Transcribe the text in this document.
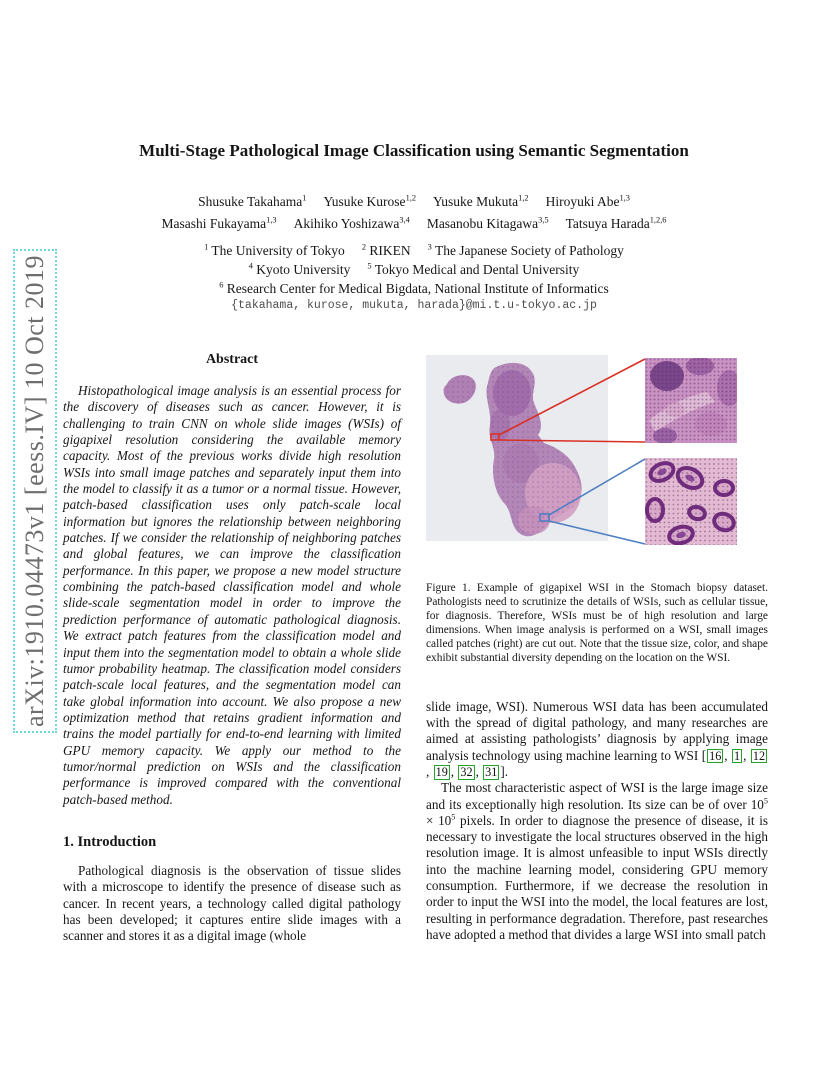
arXiv:1910.04473v1 [eess.IV] 10 Oct 2019
Multi-Stage Pathological Image Classification using Semantic Segmentation
Shusuke Takahama$^1$ Yusuke Kurose$^{1,2}$ Yusuke Mukuta$^{1,2}$ Hiroyuki Abe$^{1,3}$
Masashi Fukayama$^{1,3}$ Akihiko Yoshizawa$^{3,4}$ Masanobu Kitagawa$^{3,5}$ Tatsuya Harada$^{1,2,6}$
$^1$ The University of Tokyo $^2$ RIKEN $^3$ The Japanese Society of Pathology
$^4$ Kyoto University $^5$ Tokyo Medical and Dental University
$^6$ Research Center for Medical Bigdata, National Institute of Informatics
{takahama, kurose, mukuta, harada}@mi.t.u-tokyo.ac.jp
Abstract

Histopathological image analysis is an essential process for the discovery of diseases such as cancer. However, it is challenging to train CNN on whole slide images (WSIs) of gigapixel resolution considering the available memory capacity. Most of the previous works divide high resolution WSIs into small image patches and separately input them into the model to classify it as a tumor or a normal tissue. However, patch-based classification uses only patch-scale local information but ignores the relationship between neighboring patches. If we consider the relationship of neighboring patches and global features, we can improve the classification performance. In this paper, we propose a new model structure combining the patch-based classification model and whole slide-scale segmentation model in order to improve the prediction performance of automatic pathological diagnosis. We extract patch features from the classification model and input them into the segmentation model to obtain a whole slide tumor probability heatmap. The classification model considers patch-scale local features, and the segmentation model can take global information into account. We also propose a new optimization method that retains gradient information and trains the model partially for end-to-end learning with limited GPU memory capacity. We apply our method to the tumor/normal prediction on WSIs and the classification performance is improved compared with the conventional patch-based method.

1. Introduction

Pathological diagnosis is the observation of tissue slides with a microscope to identify the presence of disease such as cancer. In recent years, a technology called digital pathology has been developed; it captures entire slide images with a scanner and stores it as a digital image (whole

Figure 1. Example of gigapixel WSI in the Stomach biopsy dataset. Pathologists need to scrutinize the details of WSIs, such as cellular tissue, for diagnosis. Therefore, WSIs must be of high resolution and large dimensions. When image analysis is performed on a WSI, small images called patches (right) are cut out. Note that the tissue size, color, and shape exhibit substantial diversity depending on the location on the WSI.

slide image, WSI). Numerous WSI data has been accumulated with the spread of digital pathology, and many researches are aimed at assisting pathologists’ diagnosis by applying image analysis technology using machine learning to WSI [ 16 , 1 , 12, 19 , 32 , 31 ].

The most characteristic aspect of WSI is the large image size and its exceptionally high resolution. Its size can be of over $10^5 \times 10^5$ pixels. In order to diagnose the presence of disease, it is necessary to investigate the local structures observed in the high resolution image. It is almost unfeasible to input WSIs directly into the machine learning model, considering GPU memory consumption. Furthermore, if we decrease the resolution in order to input the WSI into the model, the local features are lost, resulting in performance degradation. Therefore, past researches have adopted a method that divides a large WSI into small patch
